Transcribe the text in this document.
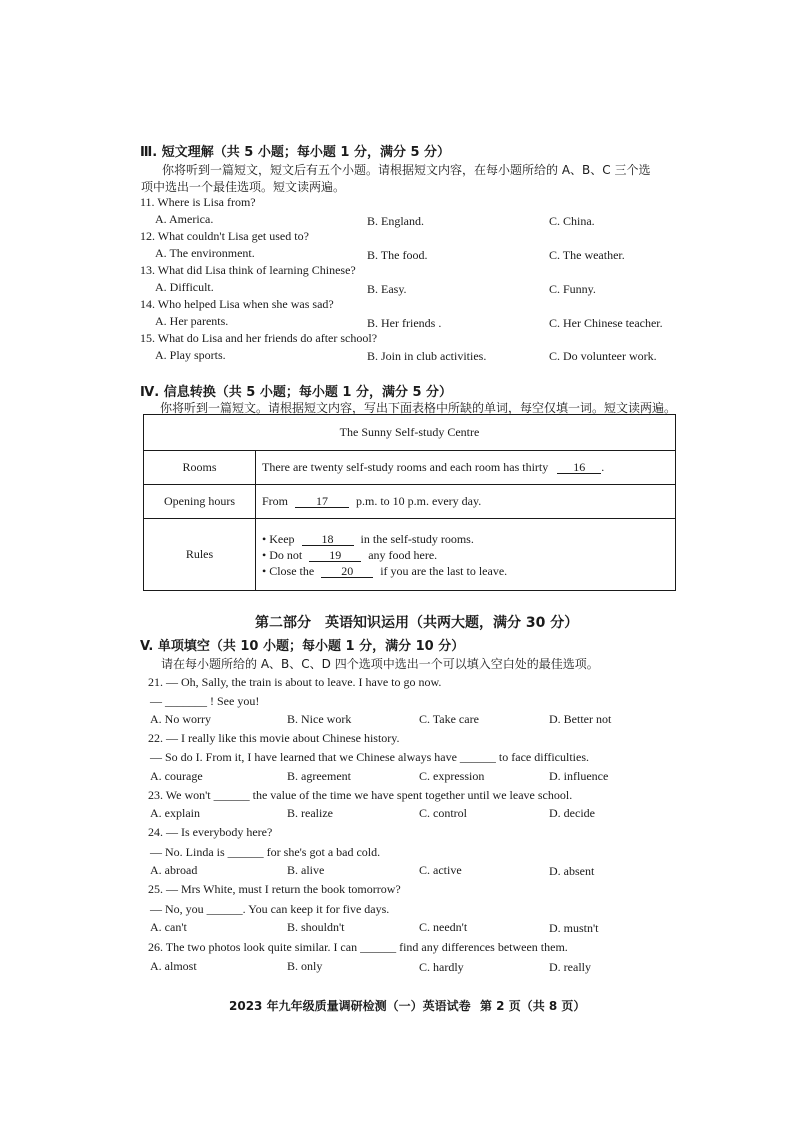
Ⅲ. 短文理解（共 5 小题；每小题 1 分，满分 5 分）
你将听到一篇短文，短文后有五个小题。请根据短文内容，在每小题所给的 A、B、C 三个选
项中选出一个最佳选项。短文读两遍。
11. Where is Lisa from?
A. America.	B. England.	C. China.
12. What couldn't Lisa get used to?
A. The environment.	B. The food.	C. The weather.
13. What did Lisa think of learning Chinese?
A. Difficult.	B. Easy.	C. Funny.
14. Who helped Lisa when she was sad?
A. Her parents.	B. Her friends .	C. Her Chinese teacher.
15. What do Lisa and her friends do after school?
A. Play sports.	B. Join in club activities.	C. Do volunteer work.
Ⅳ. 信息转换（共 5 小题；每小题 1 分，满分 5 分）
你将听到一篇短文。请根据短文内容，写出下面表格中所缺的单词，每空仅填一词。短文读两遍。
The Sunny Self-study Centre	
Rooms	There are twenty self-study rooms and each room has thirty 16 .
Opening hours	From 17 p.m. to 10 p.m. every day.
Rules	• Keep 18 in the self-study rooms.
• Do not 19 any food here.
• Close the 20 if you are the last to leave.
第二部分　英语知识运用（共两大题，满分 30 分）
V. 单项填空（共 10 小题；每小题 1 分，满分 10 分）
请在每小题所给的 A、B、C、D 四个选项中选出一个可以填入空白处的最佳选项。
21. — Oh, Sally, the train is about to leave. I have to go now.
— _______ ! See you!
A. No worry	B. Nice work	C. Take care	D. Better not
22. — I really like this movie about Chinese history.
— So do I. From it, I have learned that we Chinese always have ______ to face difficulties.
A. courage	B. agreement	C. expression	D. influence
23. We won't ______ the value of the time we have spent together until we leave school.
A. explain	B. realize	C. control	D. decide
24. — Is everybody here?
— No. Linda is ______ for she's got a bad cold.
A. abroad	B. alive	C. active	D. absent
25. — Mrs White, must I return the book tomorrow?
— No, you ______. You can keep it for five days.
A. can't	B. shouldn't	C. needn't	D. mustn't
26. The two photos look quite similar. I can ______ find any differences between them.
A. almost	B. only	C. hardly	D. really
2023 年九年级质量调研检测（一）英语试卷 第 2 页（共 8 页）
